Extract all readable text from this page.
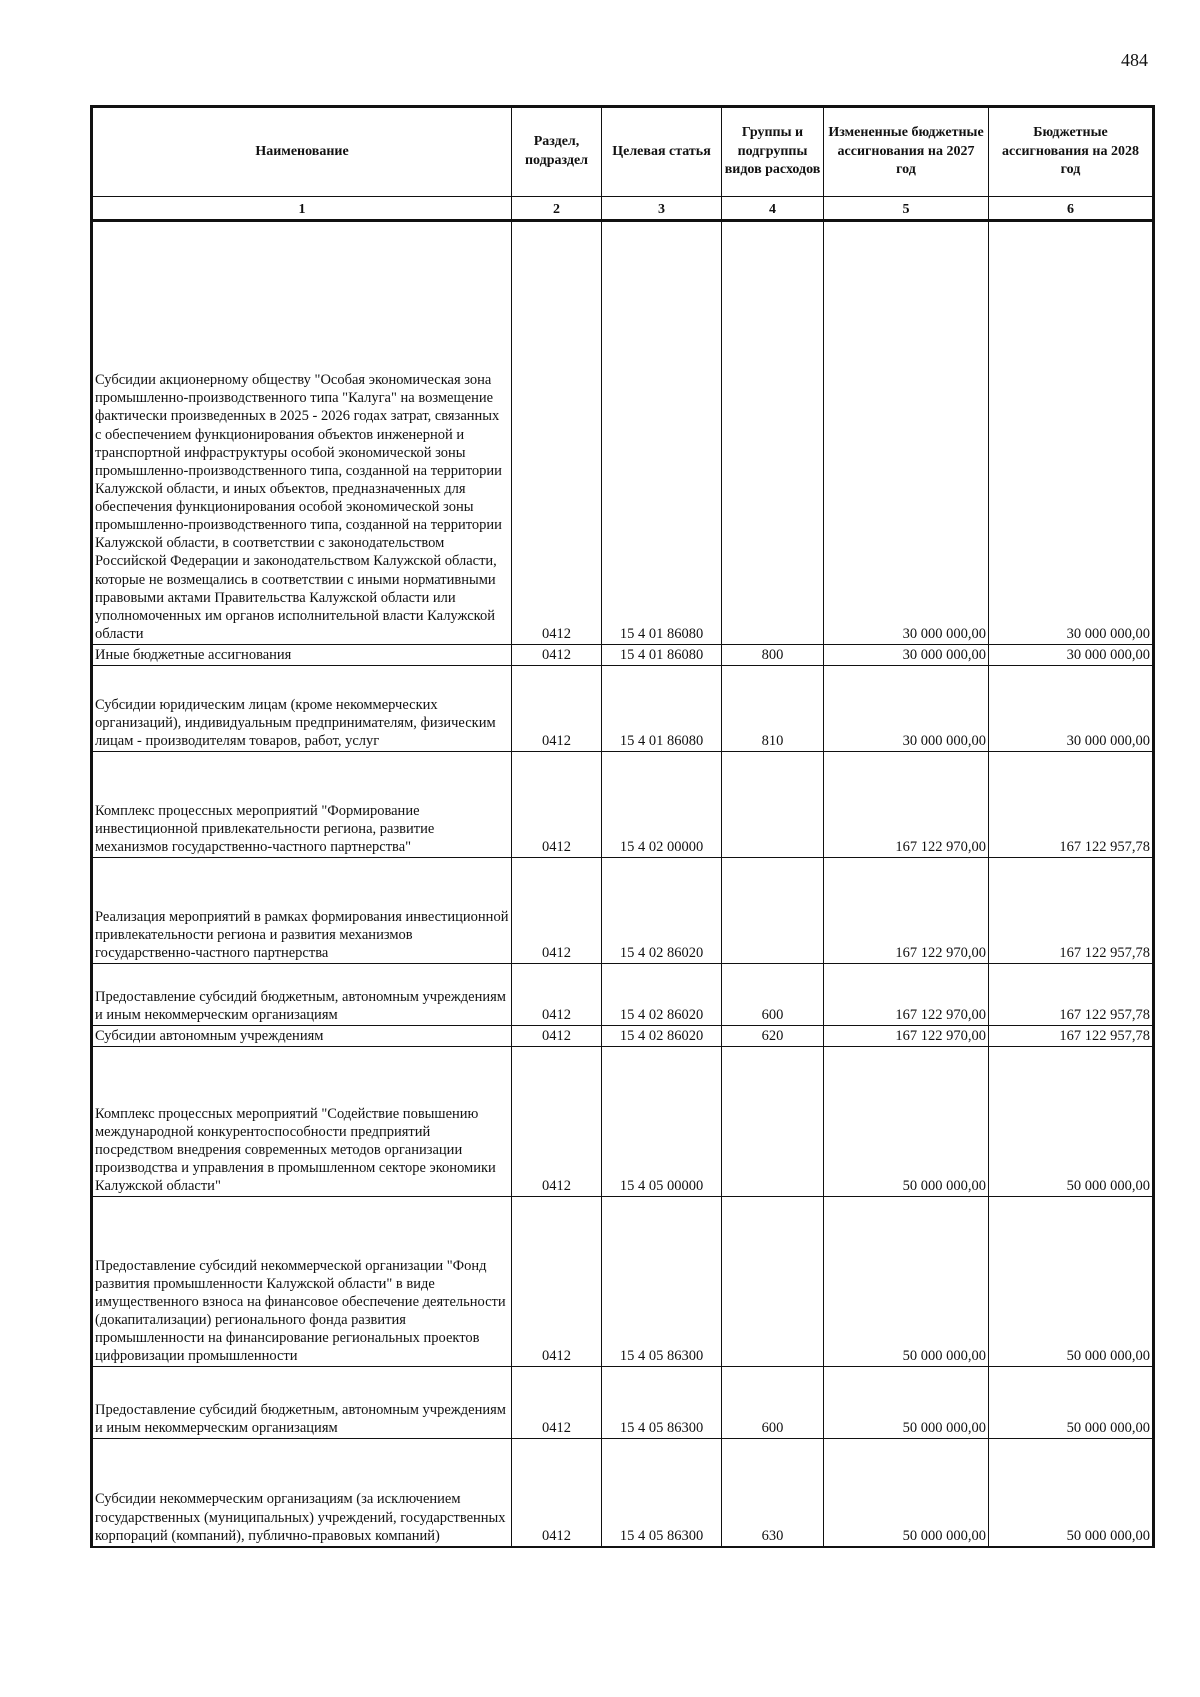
484
Наименование	Раздел, подраздел	Целевая статья	Группы и подгруппы видов расходов	Измененные бюджетные ассигнования на 2027 год	Бюджетные ассигнования на 2028 год
1	2	3	4	5	6
Субсидии акционерному обществу "Особая экономическая зона промышленно-производственного типа "Калуга" на возмещение фактически произведенных в 2025 - 2026 годах затрат, связанных с обеспечением функционирования объектов инженерной и транспортной инфраструктуры особой экономической зоны промышленно-производственного типа, созданной на территории Калужской области, и иных объектов, предназначенных для обеспечения функционирования особой экономической зоны промышленно-производственного типа, созданной на территории Калужской области, в соответствии с законодательством Российской Федерации и законодательством Калужской области, которые не возмещались в соответствии с иными нормативными правовыми актами Правительства Калужской области или уполномоченных им органов исполнительной власти Калужской области	0412	15 4 01 86080		30 000 000,00	30 000 000,00
Иные бюджетные ассигнования	0412	15 4 01 86080	800	30 000 000,00	30 000 000,00
Субсидии юридическим лицам (кроме некоммерческих организаций), индивидуальным предпринимателям, физическим лицам - производителям товаров, работ, услуг	0412	15 4 01 86080	810	30 000 000,00	30 000 000,00
Комплекс процессных мероприятий "Формирование инвестиционной привлекательности региона, развитие механизмов государственно-частного партнерства"	0412	15 4 02 00000		167 122 970,00	167 122 957,78
Реализация мероприятий в рамках формирования инвестиционной привлекательности региона и развития механизмов государственно-частного партнерства	0412	15 4 02 86020		167 122 970,00	167 122 957,78
Предоставление субсидий бюджетным, автономным учреждениям и иным некоммерческим организациям	0412	15 4 02 86020	600	167 122 970,00	167 122 957,78
Субсидии автономным учреждениям	0412	15 4 02 86020	620	167 122 970,00	167 122 957,78
Комплекс процессных мероприятий "Содействие повышению международной конкурентоспособности предприятий посредством внедрения современных методов организации производства и управления в промышленном секторе экономики Калужской области"	0412	15 4 05 00000		50 000 000,00	50 000 000,00
Предоставление субсидий некоммерческой организации "Фонд развития промышленности Калужской области" в виде имущественного взноса на финансовое обеспечение деятельности (докапитализации) регионального фонда развития промышленности на финансирование региональных проектов цифровизации промышленности	0412	15 4 05 86300		50 000 000,00	50 000 000,00
Предоставление субсидий бюджетным, автономным учреждениям и иным некоммерческим организациям	0412	15 4 05 86300	600	50 000 000,00	50 000 000,00
Субсидии некоммерческим организациям (за исключением государственных (муниципальных) учреждений, государственных корпораций (компаний), публично-правовых компаний)	0412	15 4 05 86300	630	50 000 000,00	50 000 000,00
